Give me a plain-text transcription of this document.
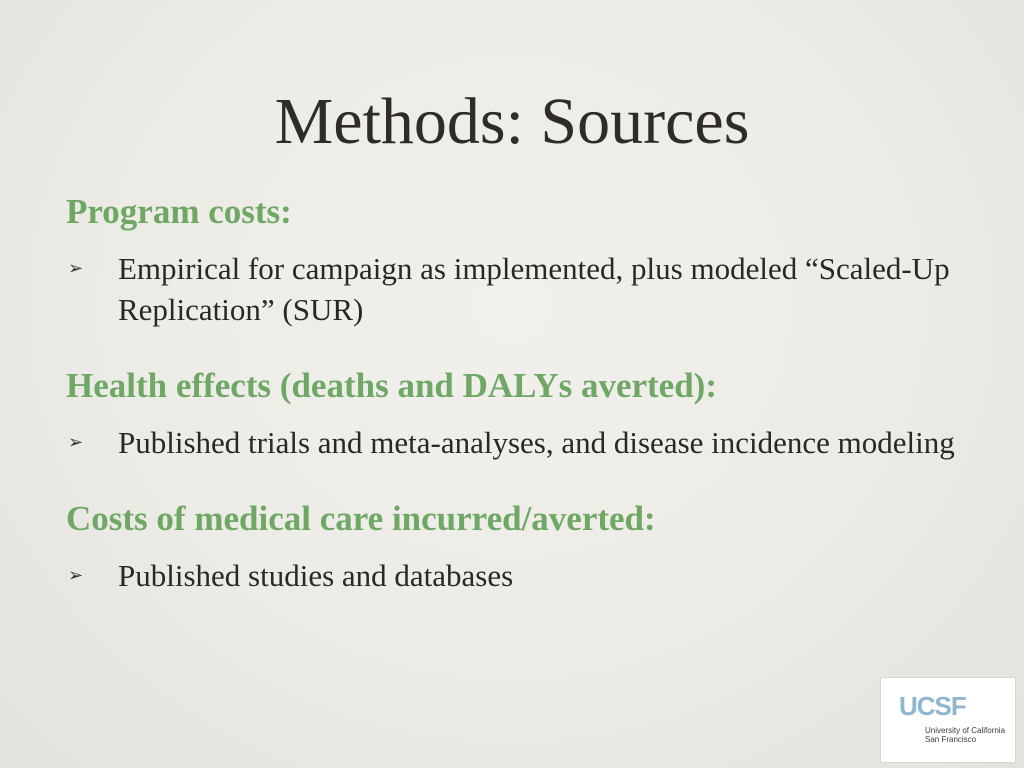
Methods: Sources

Program costs:

➢ Empirical for campaign as implemented, plus modeled “Scaled-Up Replication” (SUR)

Health effects (deaths and DALYs averted):

➢ Published trials and meta-analyses, and disease incidence modeling

Costs of medical care incurred/averted:

➢ Published studies and databases
UCSF
University of California
San Francisco
